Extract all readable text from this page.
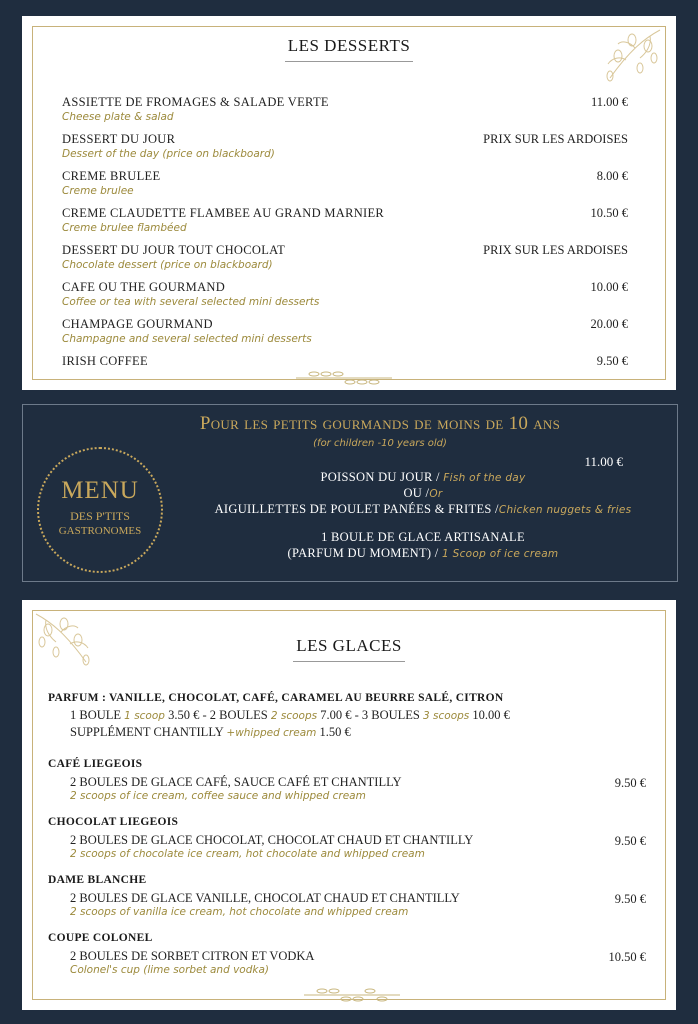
LES DESSERTS
ASSIETTE DE FROMAGES & SALADE VERTE
Cheese plate & salad
11.00 €
DESSERT DU JOUR
Dessert of the day (price on blackboard)
PRIX SUR LES ARDOISES
CREME BRULEE
Creme brulee
8.00 €
CREME CLAUDETTE FLAMBEE AU GRAND MARNIER
Creme brulee flambéed
10.50 €
DESSERT DU JOUR TOUT CHOCOLAT
Chocolate dessert (price on blackboard)
PRIX SUR LES ARDOISES
CAFE OU THE GOURMAND
Coffee or tea with several selected mini desserts
10.00 €
CHAMPAGE GOURMAND
Champagne and several selected mini desserts
20.00 €
IRISH COFFEE	9.50 €
Pour les petits gourmands de moins de 10 ans
(for children -10 years old)
11.00 €
MENU
DES P'TITS
GASTRONOMES
POISSON DU JOUR / Fish of the day
OU /Or
AIGUILLETTES DE POULET PANÉES & FRITES /Chicken nuggets & fries
1 BOULE DE GLACE ARTISANALE
(PARFUM DU MOMENT) / 1 Scoop of ice cream
LES GLACES
PARFUM : VANILLE, CHOCOLAT, CAFÉ, CARAMEL AU BEURRE SALÉ, CITRON
1 BOULE 1 scoop 3.50 € - 2 BOULES 2 scoops 7.00 € - 3 BOULES 3 scoops 10.00 €
SUPPLÉMENT CHANTILLY +whipped cream 1.50 €
CAFÉ LIEGEOIS
2 BOULES DE GLACE CAFÉ, SAUCE CAFÉ ET CHANTILLY
2 scoops of ice cream, coffee sauce and whipped cream
9.50 €
CHOCOLAT LIEGEOIS
2 BOULES DE GLACE CHOCOLAT, CHOCOLAT CHAUD ET CHANTILLY
2 scoops of chocolate ice cream, hot chocolate and whipped cream
9.50 €
DAME BLANCHE
2 BOULES DE GLACE VANILLE, CHOCOLAT CHAUD ET CHANTILLY
2 scoops of vanilla ice cream, hot chocolate and whipped cream
9.50 €
COUPE COLONEL
2 BOULES DE SORBET CITRON ET VODKA
Colonel's cup (lime sorbet and vodka)
10.50 €
